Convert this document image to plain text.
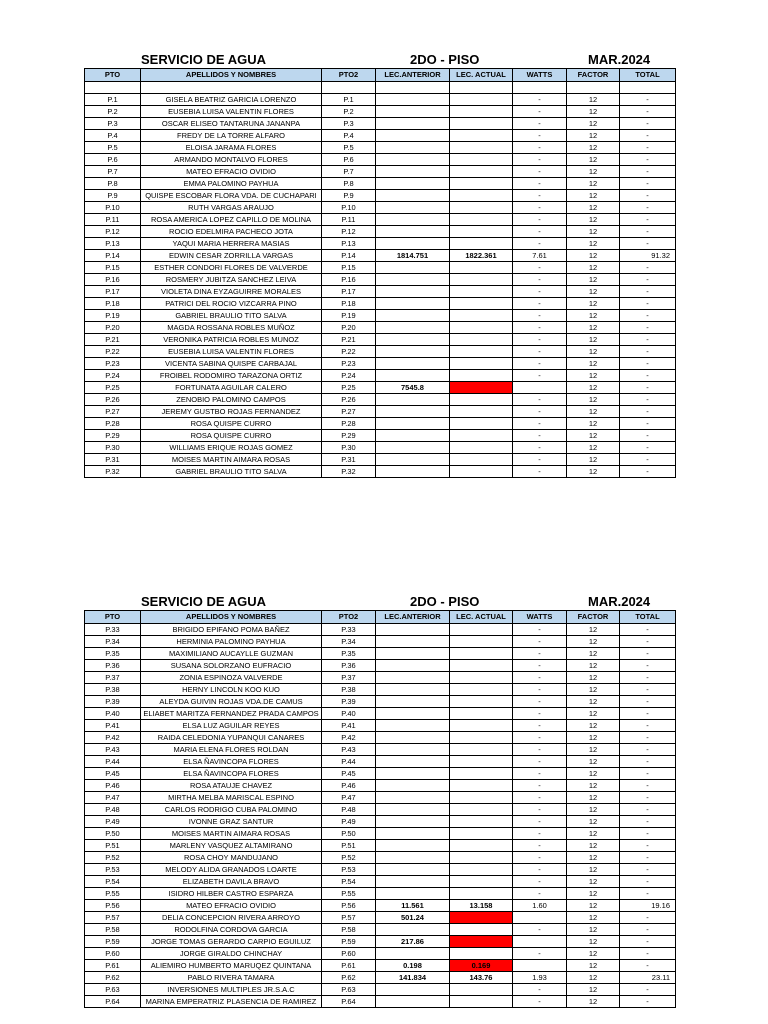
SERVICIO DE AGUA	2DO - PISO	MAR.2024
PTO	APELLIDOS Y NOMBRES	PTO2	LEC.ANTERIOR	LEC. ACTUAL	WATTS	FACTOR	TOTAL

P.1	GISELA BEATRIZ GARICIA LORENZO	P.1			-	12	-
P.2	EUSEBIA LUISA VALENTIN FLORES	P.2			-	12	-
P.3	OSCAR ELISEO TANTARUNA JANANPA	P.3			-	12	-
P.4	FREDY DE LA TORRE ALFARO	P.4			-	12	-
P.5	ELOISA JARAMA FLORES	P.5			-	12	-
P.6	ARMANDO MONTALVO FLORES	P.6			-	12	-
P.7	MATEO EFRACIO OVIDIO	P.7			-	12	-
P.8	EMMA PALOMINO PAYHUA	P.8			-	12	-
P.9	QUISPE ESCOBAR FLORA VDA. DE CUCHAPARI	P.9			-	12	-
P.10	RUTH VARGAS ARAUJO	P.10			-	12	-
P.11	ROSA AMERICA LOPEZ CAPILLO DE MOLINA	P.11			-	12	-
P.12	ROCIO EDELMIRA PACHECO JOTA	P.12			-	12	-
P.13	YAQUI MARIA HERRERA MASIAS	P.13			-	12	-
P.14	EDWIN CESAR ZORRILLA VARGAS	P.14	1814.751	1822.361	7.61	12	91.32
P.15	ESTHER CONDORI FLORES DE VALVERDE	P.15			-	12	-
P.16	ROSMERY JUBITZA SANCHEZ LEIVA	P.16			-	12	-
P.17	VIOLETA DINA EYZAGUIRRE MORALES	P.17			-	12	-
P.18	PATRICI DEL ROCIO VIZCARRA PINO	P.18			-	12	-
P.19	GABRIEL BRAULIO TITO SALVA	P.19			-	12	-
P.20	MAGDA ROSSANA ROBLES MUÑOZ	P.20			-	12	-
P.21	VERONIKA PATRICIA ROBLES MUNOZ	P.21			-	12	-
P.22	EUSEBIA LUISA VALENTIN FLORES	P.22			-	12	-
P.23	VICENTA SABINA QUISPE CARBAJAL	P.23			-	12	-
P.24	FROIBEL RODOMIRO TARAZONA ORTIZ	P.24			-	12	-
P.25	FORTUNATA AGUILAR CALERO	P.25	7545.8			12	-
P.26	ZENOBIO PALOMINO CAMPOS	P.26			-	12	-
P.27	JEREMY GUSTBO ROJAS FERNANDEZ	P.27			-	12	-
P.28	ROSA QUISPE CURRO	P.28			-	12	-
P.29	ROSA QUISPE CURRO	P.29			-	12	-
P.30	WILLIAMS ERIQUE ROJAS GOMEZ	P.30			-	12	-
P.31	MOISES MARTIN AIMARA ROSAS	P.31			-	12	-
P.32	GABRIEL BRAULIO TITO SALVA	P.32			-	12	-
SERVICIO DE AGUA	2DO - PISO	MAR.2024
PTO	APELLIDOS Y NOMBRES	PTO2	LEC.ANTERIOR	LEC. ACTUAL	WATTS	FACTOR	TOTAL
P.33	BRIGIDO EPIFANO POMA BAÑEZ	P.33			-	12	-
P.34	HERMINIA PALOMINO PAYHUA	P.34			-	12	-
P.35	MAXIMILIANO AUCAYLLE GUZMAN	P.35			-	12	-
P.36	SUSANA SOLORZANO EUFRACIO	P.36			-	12	-
P.37	ZONIA ESPINOZA VALVERDE	P.37			-	12	-
P.38	HERNY LINCOLN KOO KUO	P.38			-	12	-
P.39	ALEYDA GUIVIN ROJAS VDA.DE CAMUS	P.39			-	12	-
P.40	ELIABET MARITZA FERNANDEZ PRADA CAMPOS	P.40			-	12	-
P.41	ELSA LUZ AGUILAR REYES	P.41			-	12	-
P.42	RAIDA CELEDONIA YUPANQUI CANARES	P.42			-	12	-
P.43	MARIA ELENA FLORES ROLDAN	P.43			-	12	-
P.44	ELSA ÑAVINCOPA FLORES	P.44			-	12	-
P.45	ELSA ÑAVINCOPA FLORES	P.45			-	12	-
P.46	ROSA ATAUJE CHAVEZ	P.46			-	12	-
P.47	MIRTHA MELBA MARISCAL ESPINO	P.47			-	12	-
P.48	CARLOS RODRIGO CUBA PALOMINO	P.48			-	12	-
P.49	IVONNE GRAZ SANTUR	P.49			-	12	-
P.50	MOISES MARTIN AIMARA ROSAS	P.50			-	12	-
P.51	MARLENY VASQUEZ ALTAMIRANO	P.51			-	12	-
P.52	ROSA CHOY MANDUJANO	P.52			-	12	-
P.53	MELODY ALIDA GRANADOS LOARTE	P.53			-	12	-
P.54	ELIZABETH DAVILA BRAVO	P.54			-	12	-
P.55	ISIDRO HILBER CASTRO ESPARZA	P.55			-	12	-
P.56	MATEO EFRACIO OVIDIO	P.56	11.561	13.158	1.60	12	19.16
P.57	DELIA CONCEPCION RIVERA ARROYO	P.57	501.24			12	-
P.58	RODOLFINA CORDOVA GARCIA	P.58			-	12	-
P.59	JORGE TOMAS GERARDO CARPIO EGUILUZ	P.59	217.86			12	-
P.60	JORGE GIRALDO CHINCHAY	P.60			-	12	-
P.61	ALIEMIRO HUMBERTO MARUQEZ QUINTANA	P.61	0.198	0.169		12	-
P.62	PABLO RIVERA TAMARA	P.62	141.834	143.76	1.93	12	23.11
P.63	INVERSIONES MULTIPLES JR.S.A.C	P.63			-	12	-
P.64	MARINA EMPERATRIZ PLASENCIA DE RAMIREZ	P.64			-	12	-
